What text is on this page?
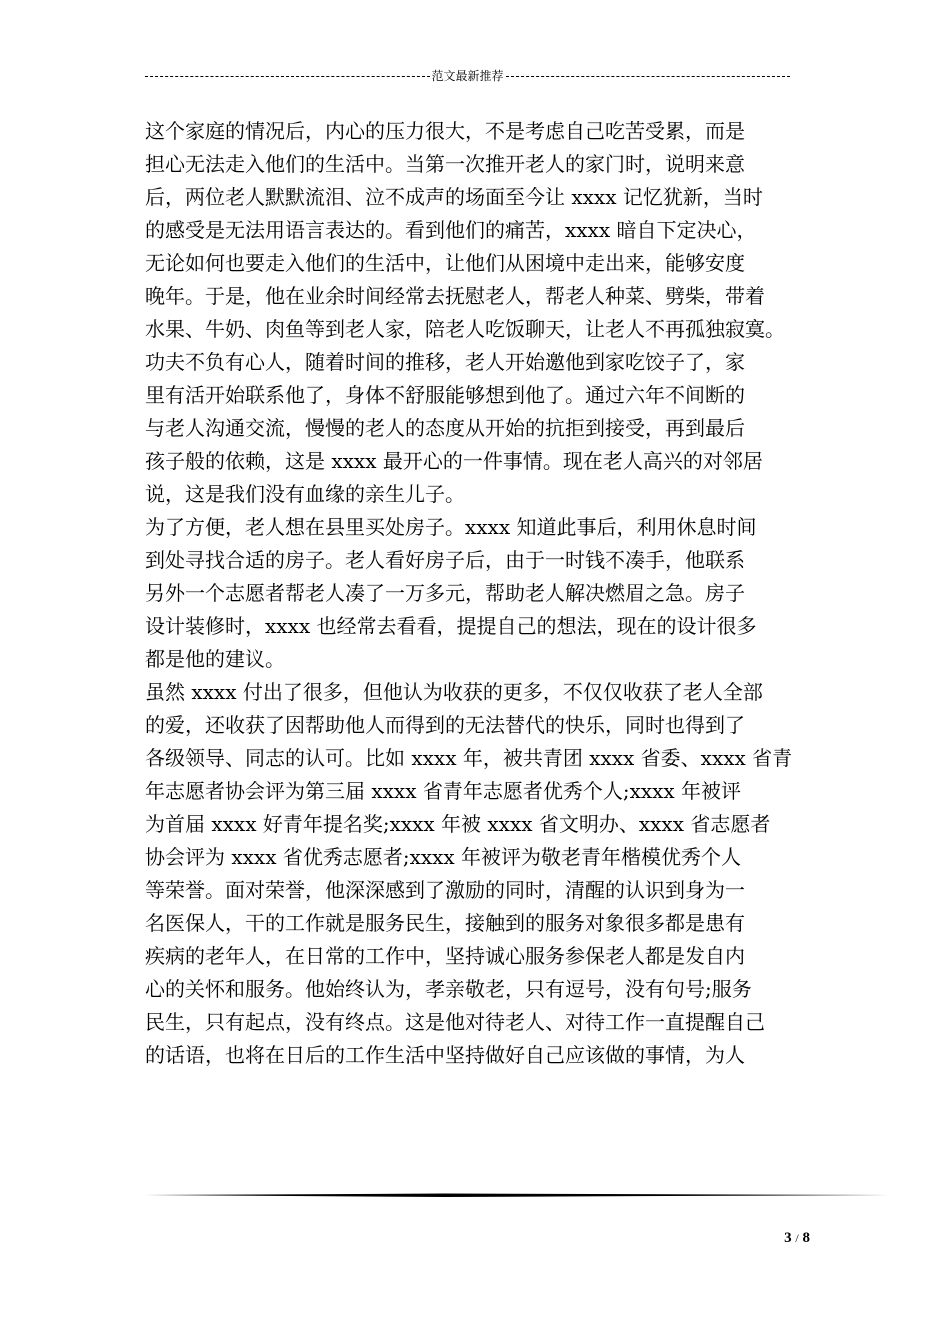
范文最新推荐
这个家庭的情况后，内心的压力很大，不是考虑自己吃苦受累，而是
担心无法走入他们的生活中。当第一次推开老人的家门时，说明来意
后，两位老人默默流泪、泣不成声的场面至今让 xxxx 记忆犹新，当时
的感受是无法用语言表达的。看到他们的痛苦，xxxx 暗自下定决心，
无论如何也要走入他们的生活中，让他们从困境中走出来，能够安度
晚年。于是，他在业余时间经常去抚慰老人，帮老人种菜、劈柴，带着
水果、牛奶、肉鱼等到老人家，陪老人吃饭聊天，让老人不再孤独寂寞。
功夫不负有心人，随着时间的推移，老人开始邀他到家吃饺子了，家
里有活开始联系他了，身体不舒服能够想到他了。通过六年不间断的
与老人沟通交流，慢慢的老人的态度从开始的抗拒到接受，再到最后
孩子般的依赖，这是 xxxx 最开心的一件事情。现在老人高兴的对邻居
说，这是我们没有血缘的亲生儿子。
为了方便，老人想在县里买处房子。xxxx 知道此事后，利用休息时间
到处寻找合适的房子。老人看好房子后，由于一时钱不凑手，他联系
另外一个志愿者帮老人凑了一万多元，帮助老人解决燃眉之急。房子
设计装修时，xxxx 也经常去看看，提提自己的想法，现在的设计很多
都是他的建议。
虽然 xxxx 付出了很多，但他认为收获的更多，不仅仅收获了老人全部
的爱，还收获了因帮助他人而得到的无法替代的快乐，同时也得到了
各级领导、同志的认可。比如 xxxx 年，被共青团 xxxx 省委、xxxx 省青
年志愿者协会评为第三届 xxxx 省青年志愿者优秀个人;xxxx 年被评
为首届 xxxx 好青年提名奖;xxxx 年被 xxxx 省文明办、xxxx 省志愿者
协会评为 xxxx 省优秀志愿者;xxxx 年被评为敬老青年楷模优秀个人
等荣誉。面对荣誉，他深深感到了激励的同时，清醒的认识到身为一
名医保人，干的工作就是服务民生，接触到的服务对象很多都是患有
疾病的老年人，在日常的工作中，坚持诚心服务参保老人都是发自内
心的关怀和服务。他始终认为，孝亲敬老，只有逗号，没有句号;服务
民生，只有起点，没有终点。这是他对待老人、对待工作一直提醒自己
的话语，也将在日后的工作生活中坚持做好自己应该做的事情，为人
3 / 8
